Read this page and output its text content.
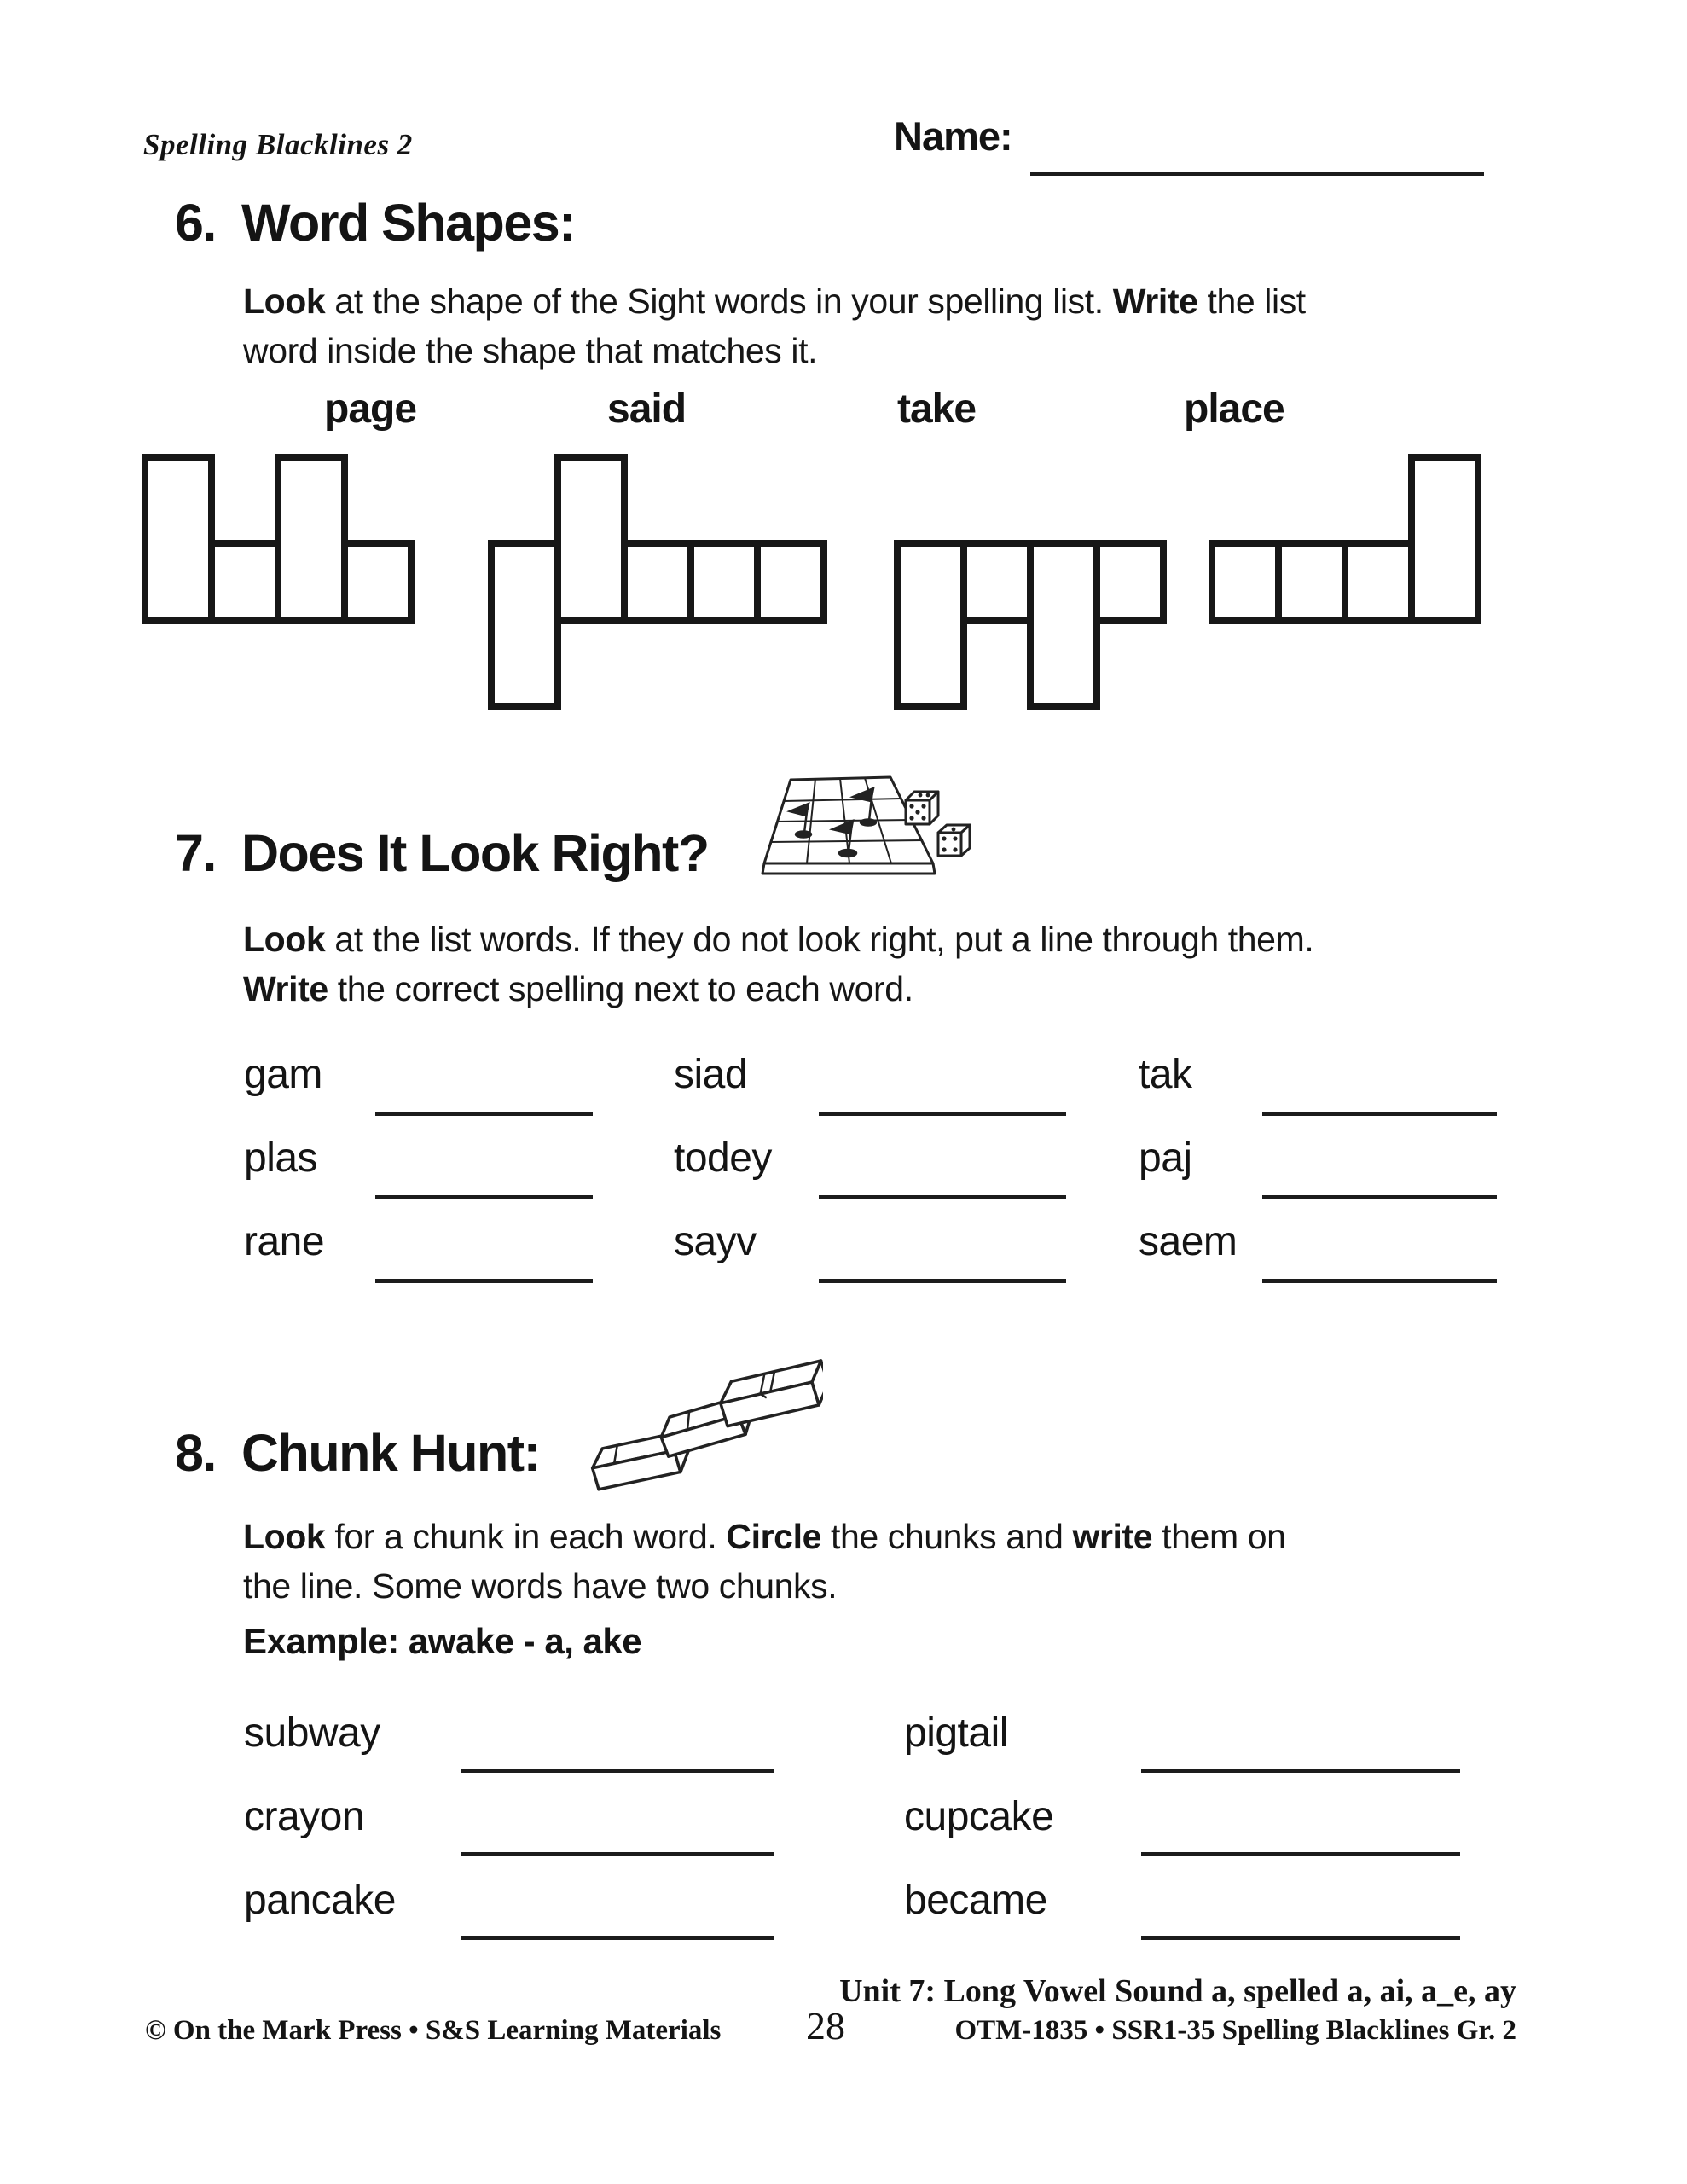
Spelling Blacklines 2	Name:
6. Word Shapes:
Look at the shape of the Sight words in your spelling list. Write the list
word inside the shape that matches it.
page	said	take	place
7. Does It Look Right?
Look at the list words. If they do not look right, put a line through them.
Write the correct spelling next to each word.
gam	siad	tak
plas	todey	paj
rane	sayv	saem
8. Chunk Hunt:
Look for a chunk in each word. Circle the chunks and write them on
the line. Some words have two chunks.
Example: awake - a, ake
subway	pigtail
crayon	cupcake
pancake	became
Unit 7: Long Vowel Sound a, spelled a, ai, a_e, ay
© On the Mark Press • S&S Learning Materials 28	OTM-1835 • SSR1-35 Spelling Blacklines Gr. 2
